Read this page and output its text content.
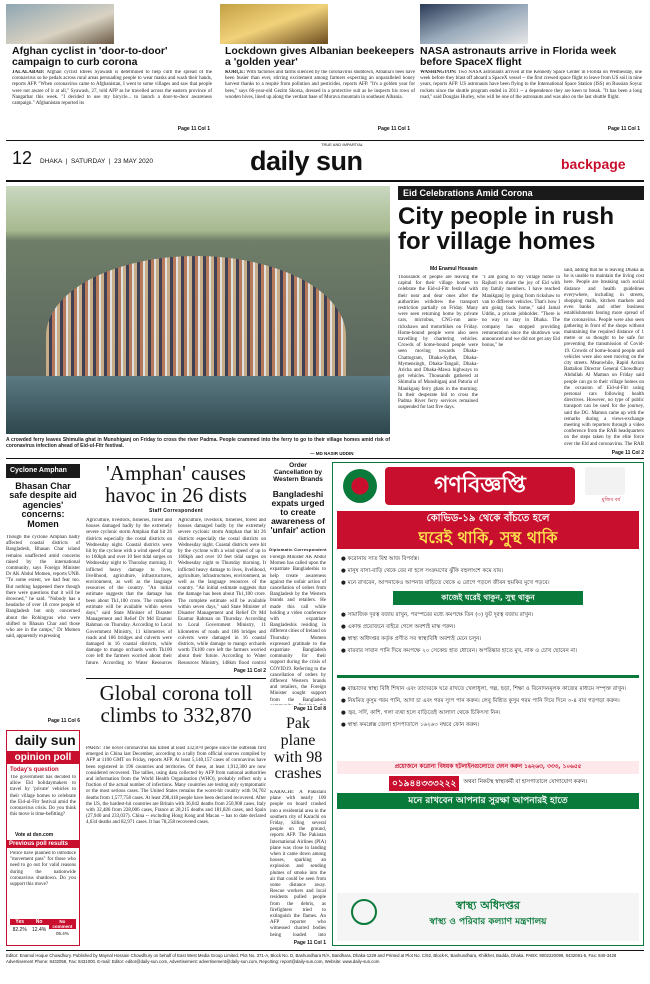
Afghan cyclist in 'door-to-door' campaign to curb corona
JALALABAD: Afghan cyclist Idrees Syawash is determined to help curb the spread of the coronavirus so he pedals across rural areas persuading people to wear masks and wash their hands, reports AFP. "When coronavirus came to Afghanistan, I went to some villages and saw that people were not aware of it at all," Syawash, 27, told AFP as he travelled across the eastern province of Nangarhar this week. "I decided to use my bicycle... to launch a door-to-door awareness campaign." Afghanistan reported its
Page 11 Col 1
Lockdown gives Albanian beekeepers a 'golden year'
KORÇË: With factories and farms silenced by the coronavirus shutdown, Albania's bees have been busier than ever, stirring excitement among farmers expecting an unparalleled honey harvest thanks to a respite from pollution and pesticides, reports AFP. "It's a golden year for bees," says 66-year-old Gezim Skorsa, dressed in a protective suit as he inspects his rows of wooden hives, lined up along the verdant base of Morava mountain in southeast Albania.
Page 11 Col 1
NASA astronauts arrive in Florida week before SpaceX flight
WASHINGTON: Two NASA astronauts arrived at the Kennedy Space Center in Florida on Wednesday, one week before they blast off aboard a SpaceX vessel -- the first crewed space flight to leave from US soil in nine years, reports AFP. US astronauts have been flying to the International Space Station (ISS) on Russian Soyuz rockets since the shuttle program ended in 2011 -- a dependence they are keen to break. "It has been a long road," said Douglas Hurley, who will be one of the astronauts and was also on the last shuttle flight.
Page 11 Col 1
12 DHAKA  |  SATURDAY  |  23 MAY 2020
TRUE AND IMPARTIAL
daily sun	backpage
A crowded ferry leaves Shimulia ghat in Munshiganj on Friday to cross the river Padma. People crammed into the ferry to go to their village homes amid risk of coronavirus infection ahead of Eid-ul-Fitr festival.
— MD NASIR UDDIN
Eid Celebrations Amid Corona
City people in rush for village homes
Md Enamul Hossain
Thousands of people are leaving the capital for their village homes to celebrate the Eid-ul-Fitr festival with their near and dear ones after the authorities withdrew the transport restriction partially on Friday. Many were seen returning home by private cars, microbus, CNG-run auto-rickshaws and motorbikes on Friday. Home-bound people were also seen travelling by chartering vehicles. Crowds of home-bound people were seen moving towards Dhaka-Chattogram, Dhaka-Sylhet, Dhaka-Mymensingh, Dhaka-Tangail, Dhaka-Aricha and Dhaka-Mawa highways to get vehicles. Thousands gathered at Shimulia of Munshiganj and Paturia of Manikganj ferry ghats in the morning. In their desperate bid to cross the Padma River ferry services remained suspended for last five days.
"I am going to my village home in Rajbari to share the joy of Eid with my family members. I have reached Manikganj by going from rickshaw to van to different vehicles. That's how I am going back home," said Jamal Uddin, a private jobholder. "There is no way to stay in Dhaka. The company has stopped providing remuneration since the shutdown was announced and we did not get any Eid bonus," he
said, adding that he is leaving Dhaka as he is unable to maintain the living cost here. People are breaking such social distance and health guidelines everywhere, including in streets, shopping malls, kitchen markets and even banks and other business establishments fearing more spread of the coronavirus. People were also seen gathering in front of the shops without maintaining the required distance of 1 metre or so thought to be safe for preventing the transmission of Covid-19. Crowds of home-bound people and vehicles were also seen moving on the city streets. Meanwhile, Rapid Action Battalion Director General Chowdhury Abdullah Al Mamun on Friday said people can go to their village homes on the occasion of Eid-ul-Fitr using personal cars following health directives. However, no type of public transport can be used for the journey, said the DG. Mamun came up with the remarks during a views-exchange meeting with reporters through a video conference from the RAB headquarters on the steps taken by the elite force over the Eid and coronavirus. The RAB
Page 11 Col 2
Cyclone Amphan
Bhasan Char safe despite aid agencies' concerns: Momen
Though the cyclone Amphan badly affected coastal districts of Bangladesh, Bhasan Char island remains unaffected amid concerns raised by the international community, says Foreign Minister Dr AK Abdul Momen, reports UNB. "To some extent, we had fear too. But nothing happened there though there were questions that it will be drowned," he said. "Nobody has a headache of over 18 crore people of Bangladesh but only concerned about the Rohingyas who were shifted to Bhasan Char and those who are in the camps," Dr Momen said, apparently expressing
Page 11 Col 6
daily sun
opinion poll
Today's question
The government has decided to allow Eid holidaymakers to travel by 'private' vehicles to their village homes to celebrate the Eid-ul-Fitr festival amid the coronavirus crisis. Do you think this move is time-befitting?
Vote at dsn.com
Previous poll results
Police have planned to introduce "movement pass" for those who need to go out for valid reasons during the nationwide coronavirus shutdown. Do you support this move?
Yes
82.2%
No
12.4%
No comment
05.4%
'Amphan' causes havoc in 26 dists
Staff Correspondent
Agriculture, livestock, fisheries, forest and houses damaged badly by the extremely severe cyclonic storm Amphan that hit 26 districts especially the costal districts on Wednesday night. Coastal districts were hit by the cyclone with a wind speed of up to 160kph and over 10 feet tidal surges on Wednesday night to Thursday morning. It inflicted heavy damage to lives, livelihood, agriculture, infrastructures, environment, as well as the language resources of the country. "An initial estimate suggests that the damage has been about Tk1,100 crore. The complete estimate will be available within seven days," said State Minister of Disaster Management and Relief Dr Md Enamur Rahman on Thursday. According to Local Government Ministry, 11 kilometres of roads and 186 bridges and culverts were damaged in 16 coastal districts, while damage to mango orchards worth Tk100 core left the farmers worried about their future. According to Water Resources
Agriculture, livestock, fisheries, forest and houses damaged badly by the extremely severe cyclonic storm Amphan that hit 26 districts especially the costal districts on Wednesday night. Coastal districts were hit by the cyclone with a wind speed of up to 160kph and over 10 feet tidal surges on Wednesday night to Thursday morning. It inflicted heavy damage to lives, livelihood, agriculture, infrastructures, environment, as well as the language resources of the country. "An initial estimate suggests that the damage has been about Tk1,100 crore. The complete estimate will be available within seven days," said State Minister of Disaster Management and Relief Dr Md Enamur Rahman on Thursday. According to Local Government Ministry, 11 kilometres of roads and 186 bridges and culverts were damaged in 16 coastal districts, while damage to mango orchards worth Tk100 core left the farmers worried about their future. According to Water Resources Ministry, 148km flood control
Page 11 Col 2
Global corona toll climbs to 332,870
PARIS: The novel coronavirus has killed at least 332,870 people since the outbreak first emerged in China last December, according to a tally from official sources compiled by AFP at 1100 GMT on Friday, reports AFP. At least 5,140,157 cases of coronavirus have been registered in 196 countries and territories. Of these, at least 1,912,300 are now considered recovered. The tallies, using data collected by AFP from national authorities and information from the World Health Organization (WHO), probably reflect only a fraction of the actual number of infections. Many countries are testing only symptomatic or the most serious cases. The United States remains the worst-hit country with 94,702 deaths from 1,577,758 cases. At least 298,418 people have been declared recovered. After the US, the hardest-hit countries are Britain with 36,042 deaths from 250,908 cases, Italy with 32,486 from 228,006 cases, France at 28,215 deaths and 181,826 cases, and Spain (27,940 and 233,037). China -- excluding Hong Kong and Macau -- has to date declared 4,634 deaths and 82,971 cases. It has 78,258 recovered cases.
Order Cancellation by Western Brands
Bangladeshi expats urged to create awareness of 'unfair' action
Diplomatic Correspondent
Foreign Minister AK Abdul Momen has called upon the expatriate Bangladeshis to help create awareness against the unfair action of cancellation of orders from Bangladesh by the Western brands and retailers. He made this call while holding a video conference with expatriate Bangladeshis residing in different cities of Ireland on Thursday. Momen expressed gratitude to the expatriate Bangladesh community for their support during the crisis of COVID19. Referring to the cancellation of orders by different Western brands and retailers, the Foreign Minister sought support from the Bangladesh
Page 11 Col 8
Pak plane with 98 crashes
KARACHI: A Pakistani plane with nearly 100 people on board crashed into a residential area in the southern city of Karachi on Friday, killing several people on the ground, reports AFP. The Pakistan International Airlines (PIA) plane was close to landing when it came down among houses, sparking an explosion and sending plumes of smoke into the air that could be seen from some distance away. Rescue workers and local residents pulled people from the debris, as firefighters tried to extinguish the flames. An AFP reporter who witnessed charred bodies being loaded into
Page 11 Col 1
গণবিজ্ঞপ্তি
মুজিব বর্ষ
কোভিড-১৯ থেকে বাঁচতে হলে
ঘরেই থাকি, সুস্থ থাকি
● করোনায় সাত বিশ্ব আজ বিপর্যস্ত।
● মানুষ বাসা-বাড়ি থেকে বের না হলে সংক্রমণের ঝুঁকি বহুলাংশে কমে যায়।
● মনে রাখবেন, আপনাকেও আপনার বাড়িতে থেকে এ রোগে পড়লে জীবন হুমকির মুখে পড়বে।
কাজেই ঘরেই থাকুন, সুস্থ থাকুন
● সামাজিক দূরত্ব বজায় রাখুন, পরস্পরের মধ্যে কমপক্ষে তিন (৩) ফুট দূরত্ব বজায় রাখুন।
● একান্ত প্রয়োজনে বাইরে গেলে অবশ্যই মাস্ক পরুন।
● স্বাস্থ্য অধিদপ্তর কর্তৃক প্রণীত সব স্বাস্থ্যবিধি অবশ্যই মেনে চলুন।
● বারবার সাবান পানি দিয়ে কমপক্ষে ২০ সেকেন্ড হাত ধোবেন। অপরিষ্কার হাতে মুখ, নাক ও চোখ ছোবেন না।
● বাচ্চাদের স্বাস্থ্য বিধি শিখান এবং তাদেরকে ঘরে রাখতে খেলাধুলা, গল্প, ছড়া, শিক্ষা ও বিনোদনমূলক কাজের মাধ্যমে সম্পৃক্ত রাখুন।
● নিয়মিত কুসুম গরম পানি, আদা চা এবং গরম স্যুপ পান করুন। লেবু মিশ্রিত কুসুম গরম পানি দিয়ে দিনে ৩-৪ বার গড়গড়া করুন।
● জ্বর, সর্দি, কাশি, গলা ব্যথা হলে বাড়িতেই আলাদা থেকে চিকিৎসা নিন।
● স্বাস্থ্য কমপ্লেক্স জেলা হাসপাতালে ১৬২৬৩ নম্বরে ফোন করুন।
প্রয়োজনে করোনা বিষয়ক হটলাইনগুলোতে ফোন করুন ১৬২৬৩, ৩৩৩, ১০৬৫৫
০১৯৪৪৩৩৩২২২	অথবা নিকটস্থ স্বাস্থ্যকর্মী বা হাসপাতালে যোগাযোগ করুন।
মনে রাখবেন আপনার সুরক্ষা আপনারই হাতে
স্বাস্থ্য অধিদপ্তর
স্বাস্থ্য ও পরিবার কল্যাণ মন্ত্রণালয়
Editor: Enamul Hoque Chowdhury. Published by Maynal Hossain Chowdhury on behalf of East West Media Group Limited, Plot No. 371-A, Block No. D, Bashundhara R/A, Baridhara, Dhaka-1229 and Printed at Plot No. C/52, Block-K, Bashundhara, Khilkhet, Badda, Dhaka. PABX: 9002220099, 8432081-5, Fax: 840-3428 Advertisement Phone: 8432058, Fax: 8431000. E-mail: Editor: editor@daily-sun.com, Advertisement: advertisement@daily-sun.com, Reporting: report@daily-sun.com, Website: www.daily-sun.com
